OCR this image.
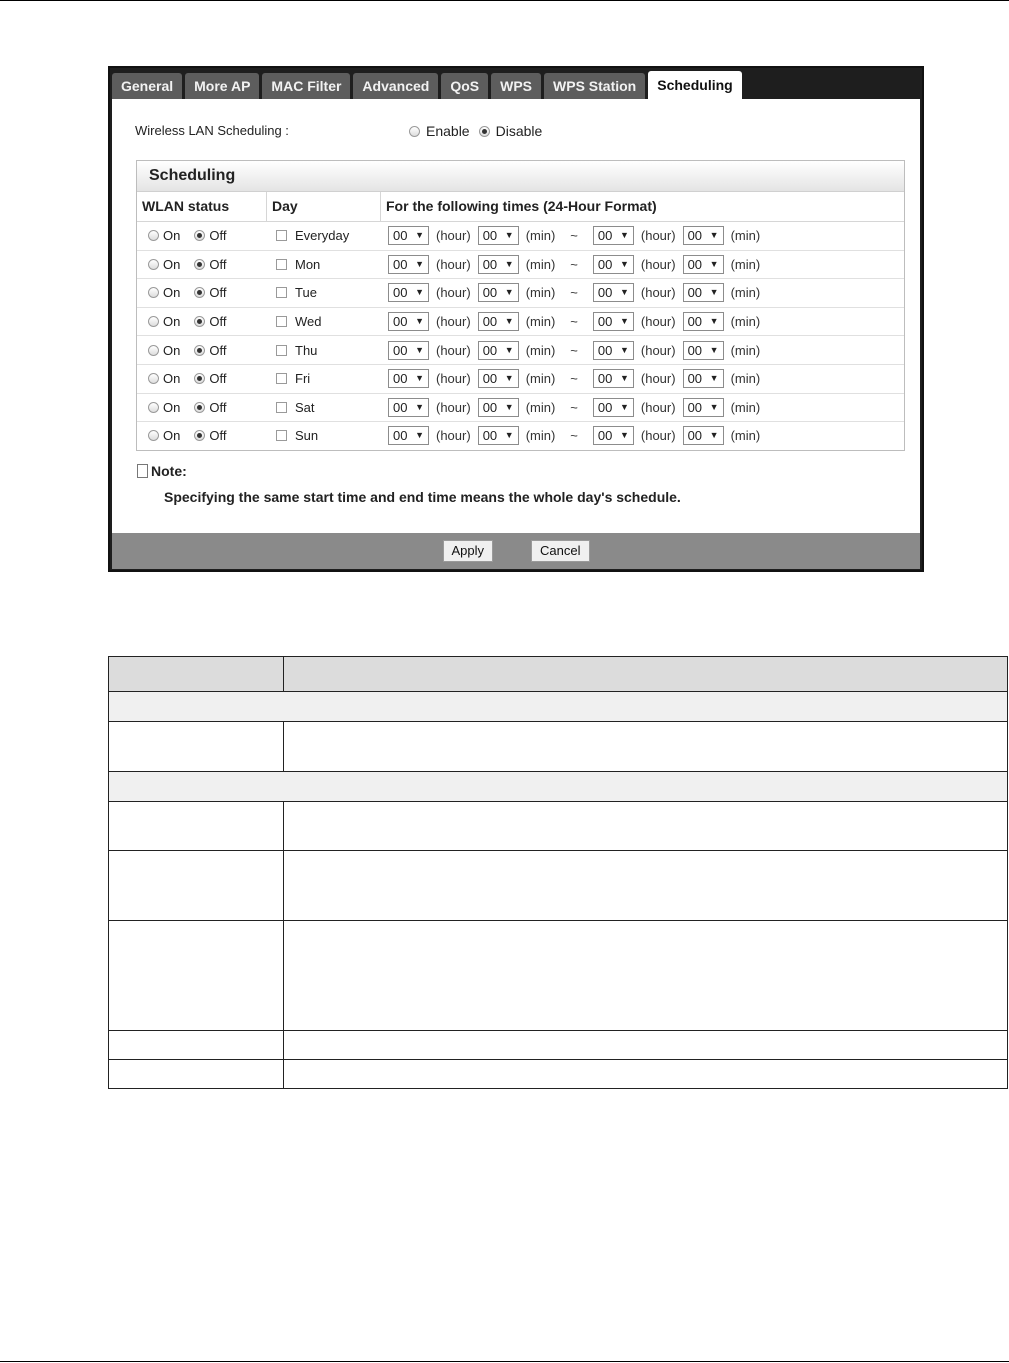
General	More AP	MAC Filter	Advanced	QoS	WPS	WPS Station	Scheduling
Wireless LAN Scheduling :	Enable Disable
Scheduling
WLAN status	Day	For the following times (24-Hour Format)
On Off	Everyday	00 ▼	(hour) 00 ▼	(min) ~	00 ▼	(hour) 00 ▼	(min)
On Off	Mon	00 ▼	(hour) 00 ▼	(min) ~	00 ▼	(hour) 00 ▼	(min)
On Off	Tue	00 ▼	(hour) 00 ▼	(min) ~	00 ▼	(hour) 00 ▼	(min)
On Off	Wed	00 ▼	(hour) 00 ▼	(min) ~	00 ▼	(hour) 00 ▼	(min)
On Off	Thu	00 ▼	(hour) 00 ▼	(min) ~	00 ▼	(hour) 00 ▼	(min)
On Off	Fri	00 ▼	(hour) 00 ▼	(min) ~	00 ▼	(hour) 00 ▼	(min)
On Off	Sat	00 ▼	(hour) 00 ▼	(min) ~	00 ▼	(hour) 00 ▼	(min)
On Off	Sun	00 ▼	(hour) 00 ▼	(min) ~	00 ▼	(hour) 00 ▼	(min)
Note:
Specifying the same start time and end time means the whole day's schedule.
Apply	Cancel
